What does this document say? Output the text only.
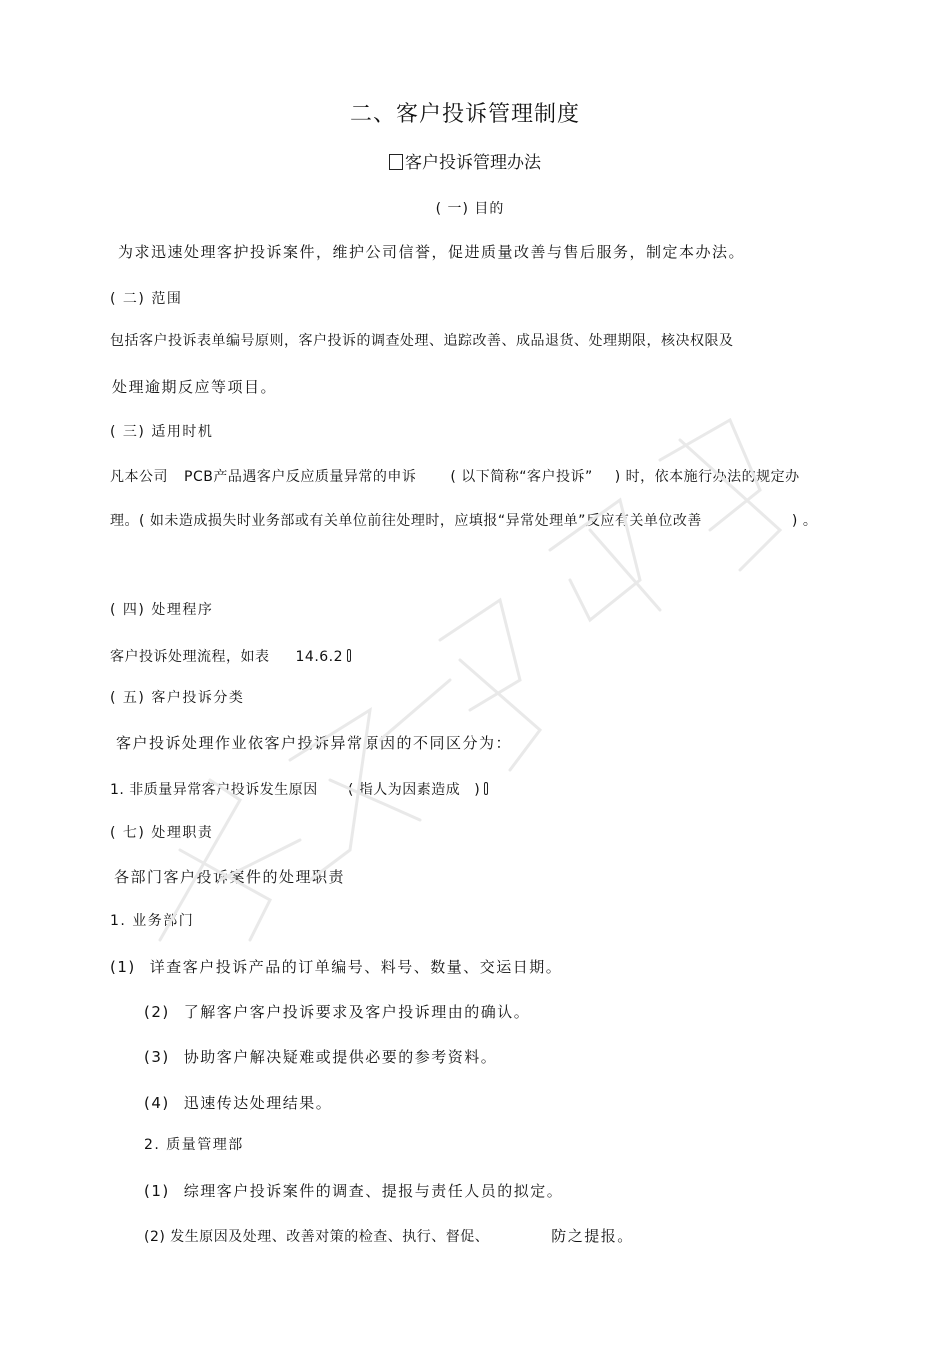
二、客户投诉管理制度
客户投诉管理办法
( 一) 目的
为求迅速处理客护投诉案件，维护公司信誉，促进质量改善与售后服务，制定本办法。
( 二) 范围
包括客户投诉表单编号原则，客户投诉的调查处理、追踪改善、成品退货、处理期限，核决权限及
处理逾期反应等项目。
( 三) 适用时机
凡本公司 PCB产品遇客户反应质量异常的申诉 ( 以下简称“客户投诉” ) 时，依本施行办法的规定办
理。( 如未造成损失时业务部或有关单位前往处理时，应填报“异常处理单”反应有关单位改善	) 。
( 四) 处理程序
客户投诉处理流程，如表 14.6.2
( 五) 客户投诉分类
客户投诉处理作业依客户投诉异常原因的不同区分为：
1. 非质量异常客户投诉发生原因 ( 指人为因素造成 )
( 七) 处理职责
各部门客户投诉案件的处理职责
1. 业务部门
(1) 详查客户投诉产品的订单编号、料号、数量、交运日期。
(2) 了解客户客户投诉要求及客户投诉理由的确认。
(3) 协助客户解决疑难或提供必要的参考资料。
(4) 迅速传达处理结果。
2. 质量管理部
(1) 综理客户投诉案件的调查、提报与责任人员的拟定。
(2) 发生原因及处理、改善对策的检查、执行、督促、	防之提报。
